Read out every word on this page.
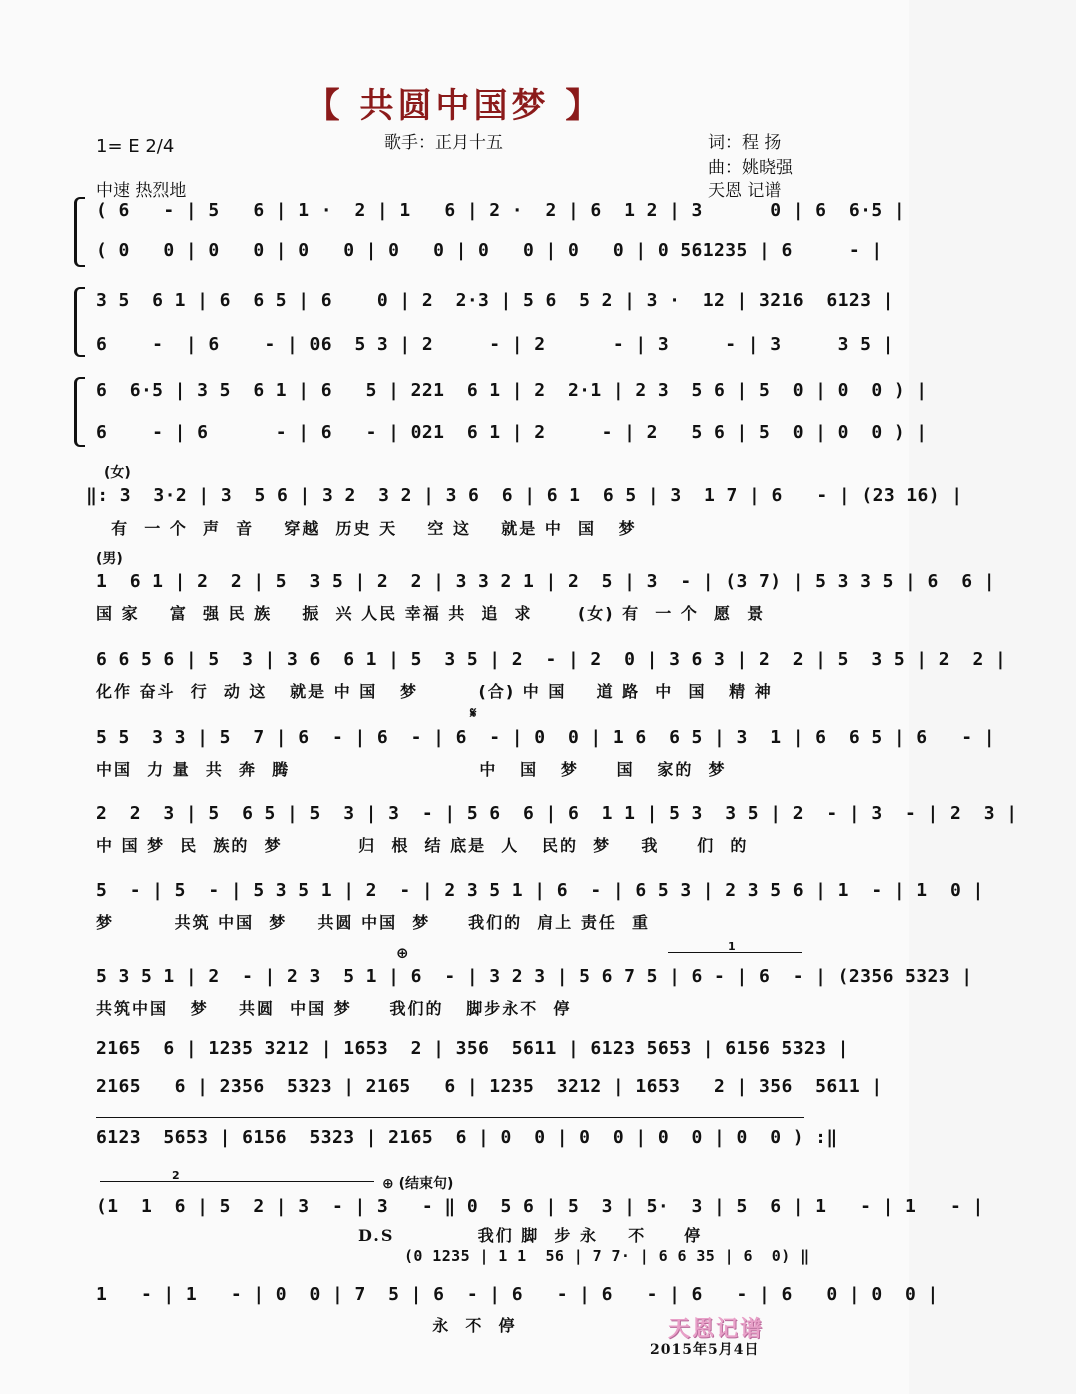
【 共圆中国梦 】
1= E 2/4
中速 热烈地
歌手：正月十五	词：程 扬
曲：姚晓强
天恩 记谱
( 6   - | 5   6 | 1 ·  2 | 1   6 | 2 ·  2 | 6  1 2 | 3      0 | 6  6·5 |
( 0   0 | 0   0 | 0   0 | 0   0 | 0   0 | 0   0 | 0 561235 | 6     - |
3 5  6 1 | 6  6 5 | 6    0 | 2  2·3 | 5 6  5 2 | 3 ·  12 | 3216  6123 |
6    -  | 6    - | 06  5 3 | 2     - | 2      - | 3     - | 3     3 5 |
6  6·5 | 3 5  6 1 | 6   5 | 221  6 1 | 2  2·1 | 2 3  5 6 | 5  0 | 0  0 ) |
6    - | 6      - | 6   - | 021  6 1 | 2     - | 2   5 6 | 5  0 | 0  0 ) |
(女)
‖: 3  3·2 | 3  5 6 | 3 2  3 2 | 3 6  6 | 6 1  6 5 | 3  1 7 | 6   - | (23 16) |
有  一 个  声  音    穿越  历史 天    空 这    就是 中  国   梦
(男)
1  6 1 | 2  2 | 5  3 5 | 2  2 | 3 3 2 1 | 2  5 | 3  - | (3 7) | 5 3 3 5 | 6  6 |
国 家    富  强 民 族    振  兴 人民 幸福 共  追  求      (女) 有  一 个  愿  景
6 6 5 6 | 5  3 | 3 6  6 1 | 5  3 5 | 2  - | 2  0 | 3 6 3 | 2  2 | 5  3 5 | 2  2 |
化作 奋斗  行  动 这   就是 中 国   梦        (合) 中 国    道 路  中  国   精 神
𝄋
5 5  3 3 | 5  7 | 6  - | 6  - | 6  - | 0  0 | 1 6  6 5 | 3  1 | 6  6 5 | 6   - |
中国  力 量  共  奔  腾                         中   国   梦     国   家的  梦
2  2  3 | 5  6 5 | 5  3 | 3  - | 5 6  6 | 6  1 1 | 5 3  3 5 | 2  - | 3  - | 2  3 |
中 国 梦  民  族的  梦          归  根  结 底是  人   民的  梦    我     们  的
5  - | 5  - | 5 3 5 1 | 2  - | 2 3 5 1 | 6  - | 6 5 3 | 2 3 5 6 | 1  - | 1  0 |
梦        共筑 中国  梦    共圆 中国  梦     我们的  肩上 责任  重
⊕	1
5 3 5 1 | 2  - | 2 3  5 1 | 6  - | 3 2 3 | 5 6 7 5 | 6 - | 6  - | (2356 5323 |
共筑中国   梦    共圆  中国 梦     我们的   脚步永不  停
2165  6 | 1235 3212 | 1653  2 | 356  5611 | 6123 5653 | 6156 5323 |
2165   6 | 2356  5323 | 2165   6 | 1235  3212 | 1653   2 | 356  5611 |
6123  5653 | 6156  5323 | 2165  6 | 0  0 | 0  0 | 0  0 | 0  0 ) :‖
2
⊕ (结束句)
(1  1  6 | 5  2 | 3  - | 3   - ‖ 0  5 6 | 5  3 | 5·  3 | 5  6 | 1   - | 1   - |
D.S           我们 脚  步 永    不     停
(0 1235 | 1 1  56 | 7 7· | 6 6 35 | 6  0) ‖
1   - | 1   - | 0  0 | 7  5 | 6  - | 6   - | 6   - | 6   - | 6   0 | 0  0 |
永  不  停	天恩记谱
2015年5月4日
